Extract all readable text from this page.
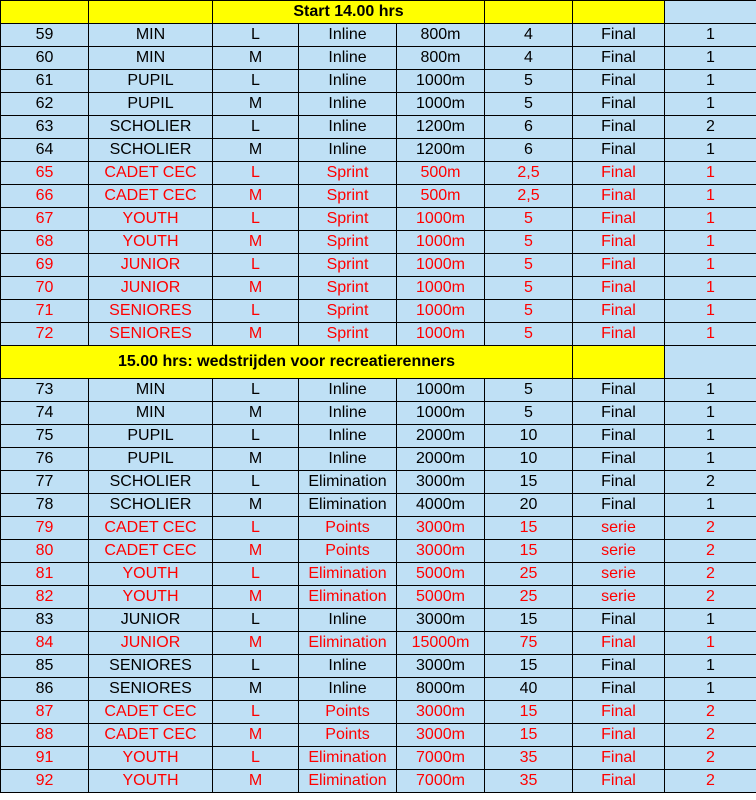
		Start 14.00 hrs					
59	MIN	L	Inline	800m	4	Final	1
60	MIN	M	Inline	800m	4	Final	1
61	PUPIL	L	Inline	1000m	5	Final	1
62	PUPIL	M	Inline	1000m	5	Final	1
63	SCHOLIER	L	Inline	1200m	6	Final	2
64	SCHOLIER	M	Inline	1200m	6	Final	1
65	CADET CEC	L	Sprint	500m	2,5	Final	1
66	CADET CEC	M	Sprint	500m	2,5	Final	1
67	YOUTH	L	Sprint	1000m	5	Final	1
68	YOUTH	M	Sprint	1000m	5	Final	1
69	JUNIOR	L	Sprint	1000m	5	Final	1
70	JUNIOR	M	Sprint	1000m	5	Final	1
71	SENIORES	L	Sprint	1000m	5	Final	1
72	SENIORES	M	Sprint	1000m	5	Final	1
15.00 hrs: wedstrijden voor recreatierenners							
73	MIN	L	Inline	1000m	5	Final	1
74	MIN	M	Inline	1000m	5	Final	1
75	PUPIL	L	Inline	2000m	10	Final	1
76	PUPIL	M	Inline	2000m	10	Final	1
77	SCHOLIER	L	Elimination	3000m	15	Final	2
78	SCHOLIER	M	Elimination	4000m	20	Final	1
79	CADET CEC	L	Points	3000m	15	serie	2
80	CADET CEC	M	Points	3000m	15	serie	2
81	YOUTH	L	Elimination	5000m	25	serie	2
82	YOUTH	M	Elimination	5000m	25	serie	2
83	JUNIOR	L	Inline	3000m	15	Final	1
84	JUNIOR	M	Elimination	15000m	75	Final	1
85	SENIORES	L	Inline	3000m	15	Final	1
86	SENIORES	M	Inline	8000m	40	Final	1
87	CADET CEC	L	Points	3000m	15	Final	2
88	CADET CEC	M	Points	3000m	15	Final	2
91	YOUTH	L	Elimination	7000m	35	Final	2
92	YOUTH	M	Elimination	7000m	35	Final	2
